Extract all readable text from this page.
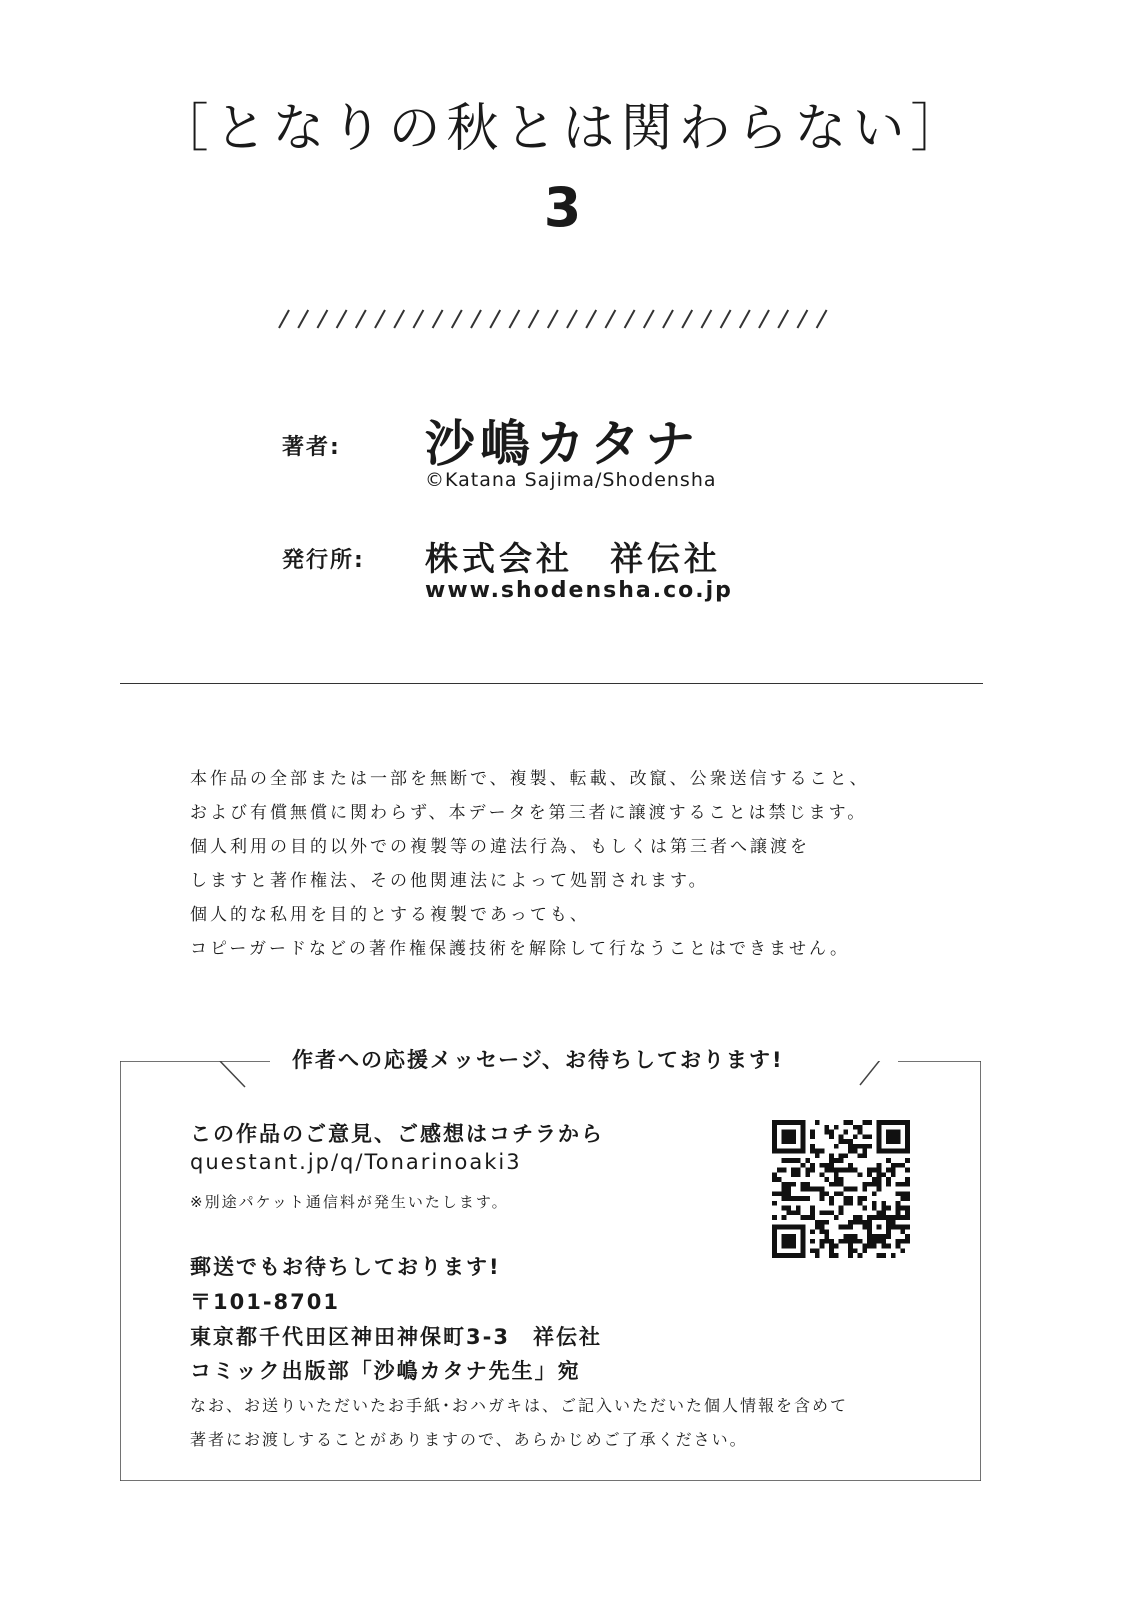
［となりの秋とは関わらない］
3
著者: 沙嶋カタナ
©Katana Sajima/Shodensha
発行所: 株式会社　祥伝社
www.shodensha.co.jp
本作品の全部または一部を無断で、複製、転載、改竄、公衆送信すること、
および有償無償に関わらず、本データを第三者に譲渡することは禁じます。
個人利用の目的以外での複製等の違法行為、もしくは第三者へ譲渡を
しますと著作権法、その他関連法によって処罰されます。
個人的な私用を目的とする複製であっても、
コピーガードなどの著作権保護技術を解除して行なうことはできません。
作者への応援メッセージ、お待ちしております!
この作品のご意見、ご感想はコチラから
questant.jp/q/Tonarinoaki3
※別途パケット通信料が発生いたします。
郵送でもお待ちしております!
〒101-8701
東京都千代田区神田神保町3-3　祥伝社
コミック出版部「沙嶋カタナ先生」宛
なお、お送りいただいたお手紙･おハガキは、ご記入いただいた個人情報を含めて
著者にお渡しすることがありますので、あらかじめご了承ください。
